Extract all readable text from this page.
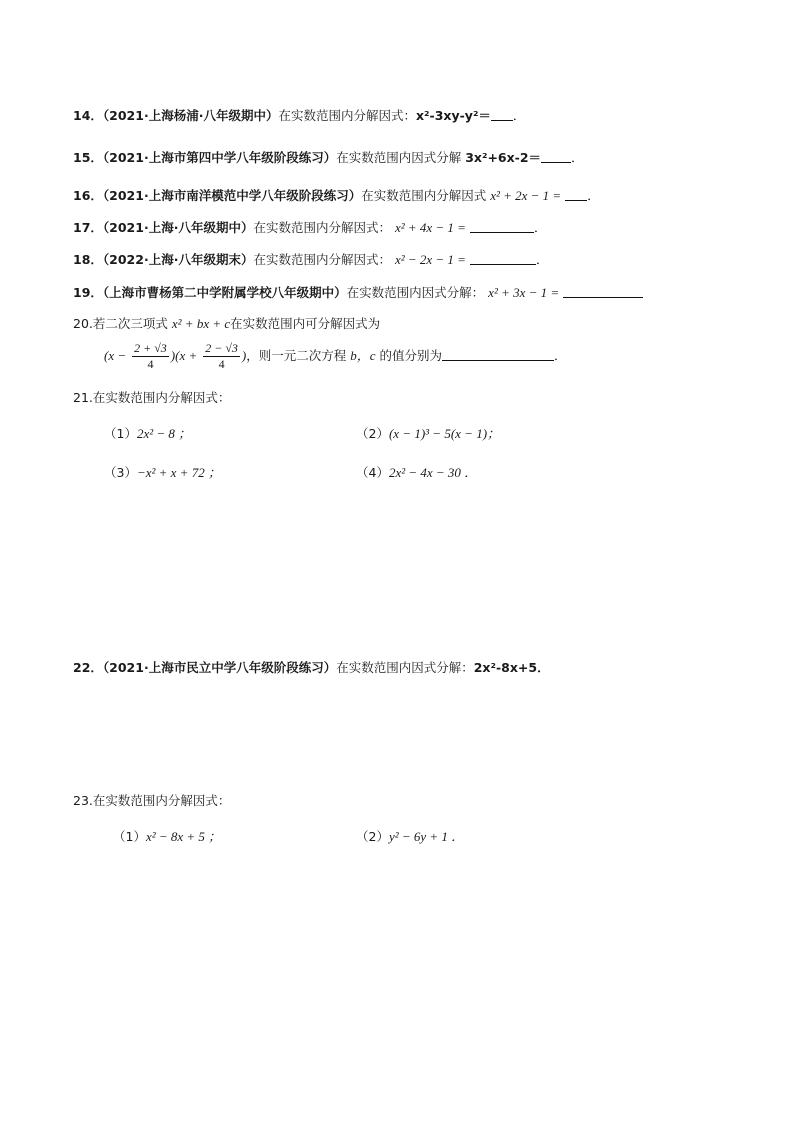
14．（2021·上海杨浦·八年级期中）在实数范围内分解因式：x²-3xy-y²＝ ．
15．（2021·上海市第四中学八年级阶段练习）在实数范围内因式分解 3x²+6x-2＝ ．
16．（2021·上海市南洋模范中学八年级阶段练习）在实数范围内分解因式 x² + 2x − 1 = ．
17．（2021·上海·八年级期中）在实数范围内分解因式： x² + 4x − 1 =	．
18．（2022·上海·八年级期末）在实数范围内分解因式： x² − 2x − 1 =	．
19．（上海市曹杨第二中学附属学校八年级期中）在实数范围内因式分解： x² + 3x − 1 =
20.若二次三项式 x² + bx + c在实数范围内可分解因式为
$(x - \frac{2 + √3}{4} )(x + \frac{2 - √3}{4}$ )，则一元二次方程 b，c 的值分别为	．
21.在实数范围内分解因式：
（1）2x² − 8 ；	（2）(x − 1)³ − 5(x − 1)；
（3）−x² + x + 72 ；	（4）2x² − 4x − 30 ．
22．（2021·上海市民立中学八年级阶段练习）在实数范围内因式分解：2x²-8x+5．
23.在实数范围内分解因式：
（1）x² − 8x + 5 ；	（2）y² − 6y + 1 ．
